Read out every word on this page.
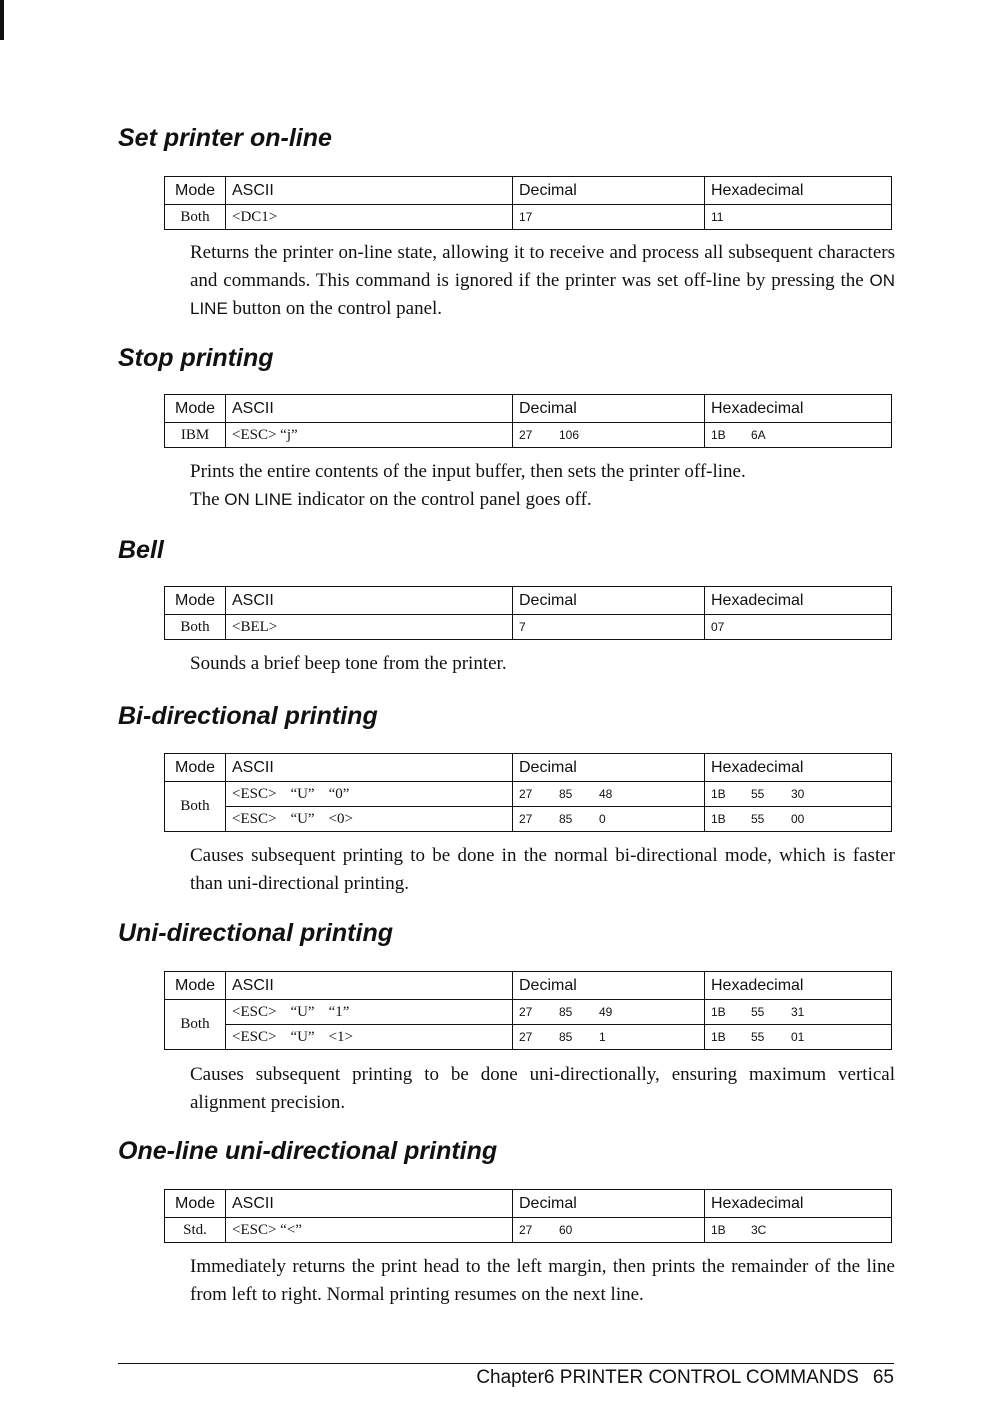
Set printer on-line
Mode	ASCII	Decimal	Hexadecimal
Both	<DC1>	17	11

Returns the printer on-line state, allowing it to receive and process all subsequent characters and commands. This command is ignored if the printer was set off-line by pressing the ON LINE button on the control panel.

Stop printing
Mode	ASCII	Decimal	Hexadecimal
IBM	<ESC> “j”	27 106	1B 6A

Prints the entire contents of the input buffer, then sets the printer off-line.
The ON LINE indicator on the control panel goes off.

Bell
Mode	ASCII	Decimal	Hexadecimal
Both	<BEL>	7	07

Sounds a brief beep tone from the printer.

Bi-directional printing
Mode	ASCII	Decimal	Hexadecimal
Both	<ESC> “U” “0”	27 85 48	1B 55 30

	<ESC> “U” <0>	27 85 0	1B 55 00

Causes subsequent printing to be done in the normal bi-directional mode, which is faster than uni-directional printing.

Uni-directional printing
Mode	ASCII	Decimal	Hexadecimal
Both	<ESC> “U” “1”	27 85 49	1B 55 31

	<ESC> “U” <1>	27 85 1	1B 55 01

Causes subsequent printing to be done uni-directionally, ensuring maximum vertical alignment precision.

One-line uni-directional printing
Mode	ASCII	Decimal	Hexadecimal
Std.	<ESC> “<”	27 60	1B 3C

Immediately returns the print head to the left margin, then prints the remainder of the line from left to right. Normal printing resumes on the next line.

Chapter6 PRINTER CONTROL COMMANDS 65
